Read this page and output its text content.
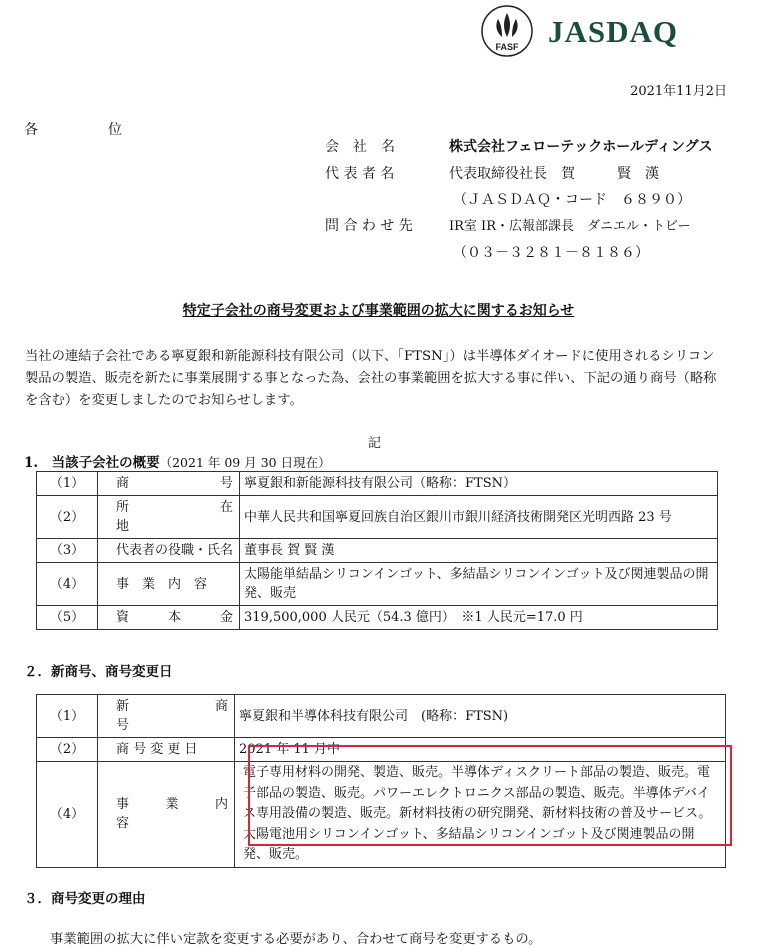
FASF JASDAQ
2021年11月2日
各　　　　　位
会　社　名	株式会社フェローテックホールディングス
代 表 者 名	代表取締役社長　賀　　　賢　漢
（ＪＡＳＤＡＱ・コード　６８９０）
問 合 わ せ 先	IR室 IR・広報部課長　ダニエル・トビー
（０３－３２８１－８１８６）
特定子会社の商号変更および事業範囲の拡大に関するお知らせ
当社の連結子会社である寧夏銀和新能源科技有限公司（以下、「FTSN」）は半導体ダイオードに使用されるシリコン製品の製造、販売を新たに事業展開する事となった為、会社の事業範囲を拡大する事に伴い、下記の通り商号（略称を含む）を変更しましたのでお知らせします。
記
1.　当該子会社の概要（2021 年 09 月 30 日現在）
（1）	商　　　　　　　号	寧夏銀和新能源科技有限公司（略称：FTSN）
（2）	所　　　　在　　　地	中華人民共和国寧夏回族自治区銀川市銀川経済技術開発区光明西路 23 号
（3）	代表者の役職・氏名	董事長 賀 賢 漢
（4）	事　業　内　容	太陽能単結晶シリコンインゴット、多結晶シリコンインゴット及び関連製品の開発、販売
（5）	資　　　本　　　金	319,500,000 人民元（54.3 億円）　※1 人民元=17.0 円
２．新商号、商号変更日
（1）	新　　　商　　　号	寧夏銀和半導体科技有限公司　(略称：FTSN)
（2）	商 号 変 更 日	2021 年 11 月中
（4）	事　　業　　内　　容	電子専用材料の開発、製造、販売。半導体ディスクリート部品の製造、販売。電子部品の製造、販売。パワーエレクトロニクス部品の製造、販売。半導体デバイス専用設備の製造、販売。新材料技術の研究開発、新材料技術の普及サービス。太陽電池用シリコンインゴット、多結晶シリコンインゴット及び関連製品の開発、販売。
３．商号変更の理由
事業範囲の拡大に伴い定款を変更する必要があり、合わせて商号を変更するもの。
